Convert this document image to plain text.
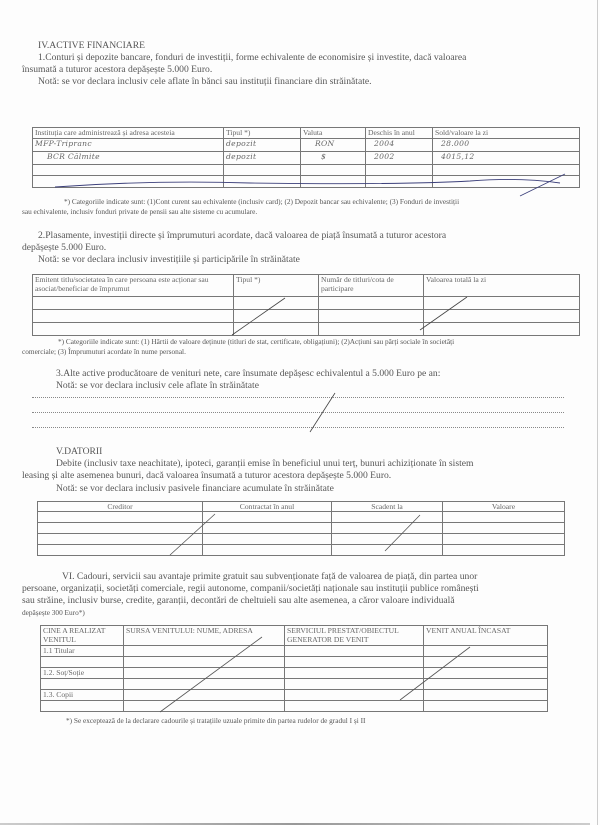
IV.ACTIVE FINANCIARE
1.Conturi și depozite bancare, fonduri de investiții, forme echivalente de economisire și investite, dacă valoarea
însumată a tuturor acestora depășește 5.000 Euro.
Notă: se vor declara inclusiv cele aflate în bănci sau instituții financiare din străinătate.
Instituția care administrează și adresa acesteia	Tipul *)	Valuta	Deschis în anul	Sold/valoare la zi
MFP-Tripranc	depozit	RON	2004	28.000
BCR Călmite	depozit	$	2002	4015,12

*) Categoriile indicate sunt: (1)Cont curent sau echivalente (inclusiv card); (2) Depozit bancar sau echivalente; (3) Fonduri de investiții
sau echivalente, inclusiv fonduri private de pensii sau alte sisteme cu acumulare.
2.Plasamente, investiții directe și împrumuturi acordate, dacă valoarea de piață însumată a tuturor acestora
depășește 5.000 Euro.
Notă: se vor declara inclusiv investițiile și participările în străinătate
Emitent titlu/societatea în care persoana este acționar sau asociat/beneficiar de împrumut	Tipul *)	Număr de titluri/cota de participare	Valoarea totală la zi

*) Categoriile indicate sunt: (1) Hârtii de valoare deținute (titluri de stat, certificate, obligațiuni); (2)Acțiuni sau părți sociale în societăți
comerciale; (3) Împrumuturi acordate în nume personal.
3.Alte active producătoare de venituri nete, care însumate depășesc echivalentul a 5.000 Euro pe an:
Notă: se vor declara inclusiv cele aflate în străinătate
V.DATORII
Debite (inclusiv taxe neachitate), ipoteci, garanții emise în beneficiul unui terț, bunuri achiziționate în sistem
leasing și alte asemenea bunuri, dacă valoarea însumată a tuturor acestora depășește 5.000 Euro.
Notă: se vor declara inclusiv pasivele financiare acumulate în străinătate
Creditor	Contractat în anul	Scadent la	Valoare

VI. Cadouri, servicii sau avantaje primite gratuit sau subvenționate față de valoarea de piață, din partea unor
persoane, organizații, societăți comerciale, regii autonome, companii/societăți naționale sau instituții publice românești
sau străine, inclusiv burse, credite, garanții, decontări de cheltuieli sau alte asemenea, a căror valoare individuală
depășește 300 Euro*)
CINE A REALIZAT VENITUL	SURSA VENITULUI: NUME, ADRESA	SERVICIUL PRESTAT/OBIECTUL GENERATOR DE VENIT	VENIT ANUAL ÎNCASAT
1.1 Titular			

1.2. Soț/Soție			

1.3. Copii			

*) Se exceptează de la declarare cadourile și tratațiile uzuale primite din partea rudelor de gradul I și II
